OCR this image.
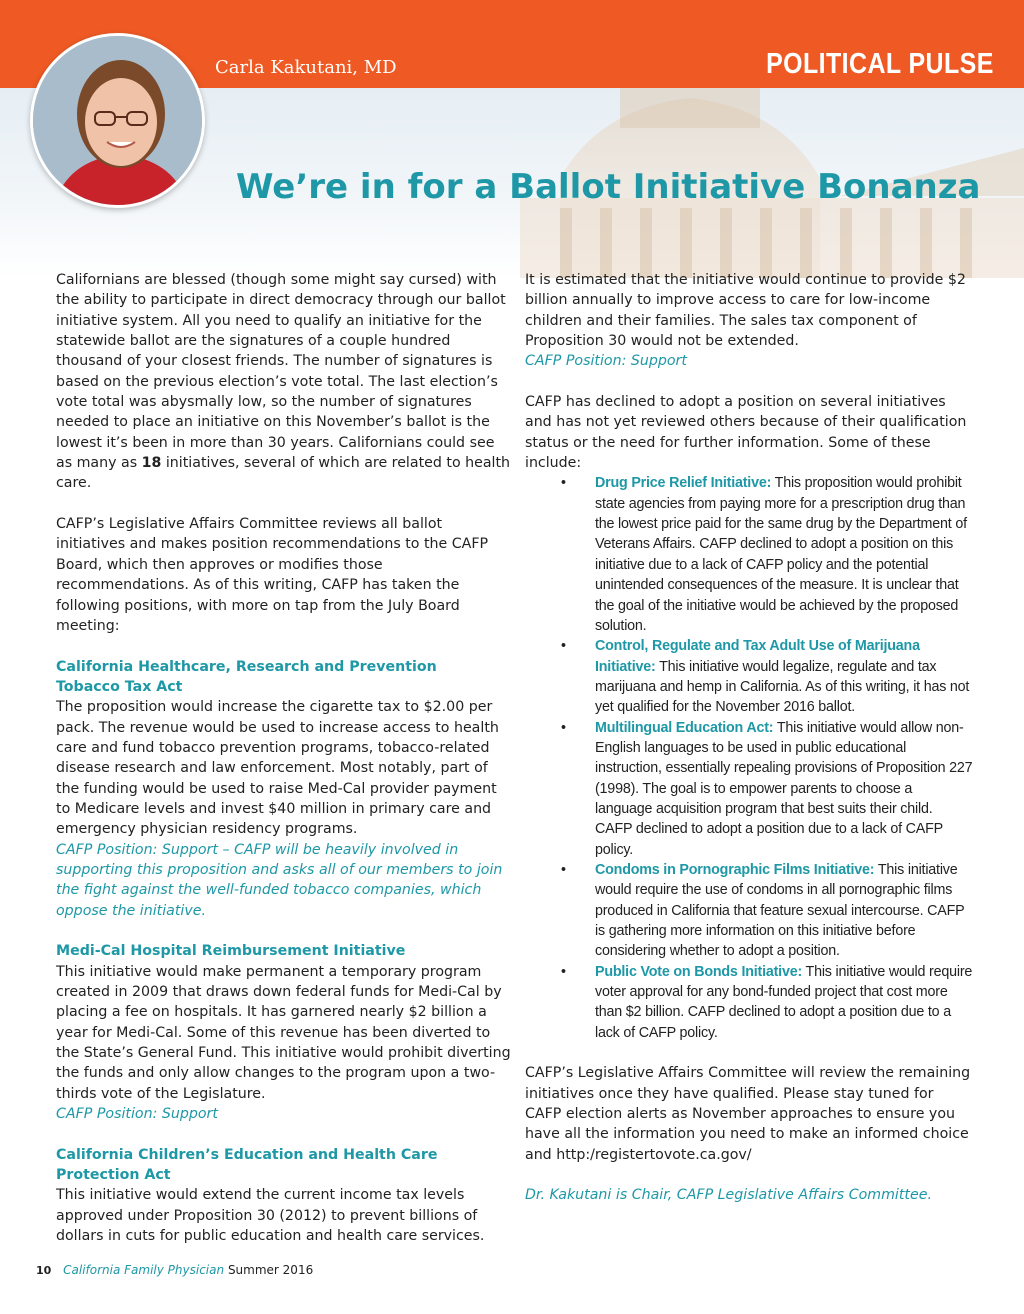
Carla Kakutani, MD	POLITICAL PULSE
We’re in for a Ballot Initiative Bonanza

Californians are blessed (though some might say cursed) with the ability to participate in direct democracy through our ballot initiative system. All you need to qualify an initiative for the statewide ballot are the signatures of a couple hundred thousand of your closest friends. The number of signatures is based on the previous election’s vote total. The last election’s vote total was abysmally low, so the number of signatures needed to place an initiative on this November’s ballot is the lowest it’s been in more than 30 years. Californians could see as many as 18 initiatives, several of which are related to health care.

CAFP’s Legislative Affairs Committee reviews all ballot initiatives and makes position recommendations to the CAFP Board, which then approves or modifies those recommendations. As of this writing, CAFP has taken the following positions, with more on tap from the July Board meeting:

California Healthcare, Research and Prevention
Tobacco Tax Act

The proposition would increase the cigarette tax to $2.00 per pack. The revenue would be used to increase access to health care and fund tobacco prevention programs, tobacco-related disease research and law enforcement. Most notably, part of the funding would be used to raise Med-Cal provider payment to Medicare levels and invest $40 million in primary care and emergency physician residency programs.

CAFP Position: Support – CAFP will be heavily involved in supporting this proposition and asks all of our members to join the fight against the well-funded tobacco companies, which oppose the initiative.

Medi-Cal Hospital Reimbursement Initiative

This initiative would make permanent a temporary program created in 2009 that draws down federal funds for Medi-Cal by placing a fee on hospitals. It has garnered nearly $2 billion a year for Medi-Cal. Some of this revenue has been diverted to the State’s General Fund. This initiative would prohibit diverting the funds and only allow changes to the program upon a two-thirds vote of the Legislature.

CAFP Position: Support

California Children’s Education and Health Care
Protection Act

This initiative would extend the current income tax levels approved under Proposition 30 (2012) to prevent billions of dollars in cuts for public education and health care services.

It is estimated that the initiative would continue to provide $2 billion annually to improve access to care for low-income children and their families. The sales tax component of Proposition 30 would not be extended.

CAFP Position: Support

CAFP has declined to adopt a position on several initiatives and has not yet reviewed others because of their qualification status or the need for further information. Some of these include:

• Drug Price Relief Initiative: This proposition would prohibit state agencies from paying more for a prescription drug than the lowest price paid for the same drug by the Department of Veterans Affairs. CAFP declined to adopt a position on this initiative due to a lack of CAFP policy and the potential unintended consequences of the measure. It is unclear that the goal of the initiative would be achieved by the proposed solution.
• Control, Regulate and Tax Adult Use of Marijuana Initiative: This initiative would legalize, regulate and tax marijuana and hemp in California. As of this writing, it has not yet qualified for the November 2016 ballot.
• Multilingual Education Act: This initiative would allow non-English languages to be used in public educational instruction, essentially repealing provisions of Proposition 227 (1998). The goal is to empower parents to choose a language acquisition program that best suits their child. CAFP declined to adopt a position due to a lack of CAFP policy.
• Condoms in Pornographic Films Initiative: This initiative would require the use of condoms in all pornographic films produced in California that feature sexual intercourse. CAFP is gathering more information on this initiative before considering whether to adopt a position.
• Public Vote on Bonds Initiative: This initiative would require voter approval for any bond-funded project that cost more than $2 billion. CAFP declined to adopt a position due to a lack of CAFP policy.

CAFP’s Legislative Affairs Committee will review the remaining initiatives once they have qualified. Please stay tuned for CAFP election alerts as November approaches to ensure you have all the information you need to make an informed choice and http:/registertovote.ca.gov/

Dr. Kakutani is Chair, CAFP Legislative Affairs Committee.

10 California Family Physician Summer 2016
